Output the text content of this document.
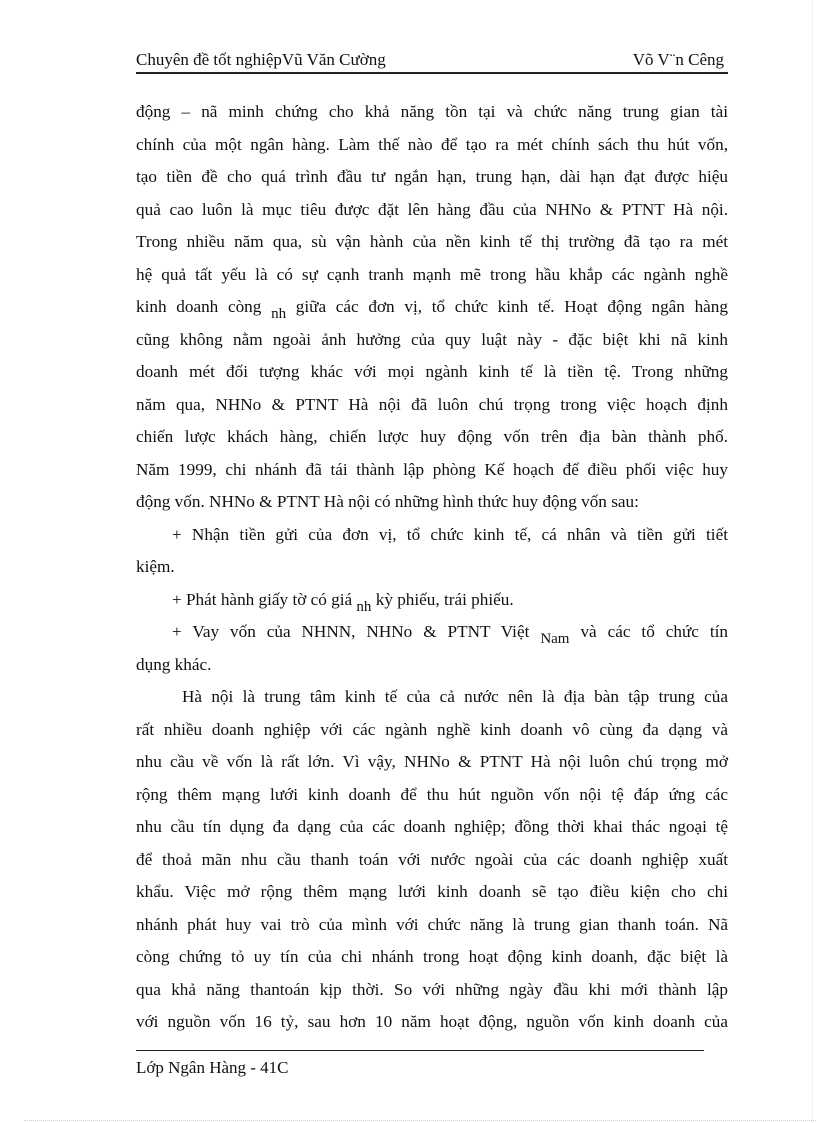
Chuyên đề tốt nghiệpVũ Văn Cường	Võ V¨n Cêng
động – nã minh chứng cho khả năng tồn tại và chức năng trung gian tài
chính của một ngân hàng. Làm thế nào để tạo ra mét chính sách thu hút vốn,
tạo tiền đề cho quá trình đầu tư ngắn hạn, trung hạn, dài hạn đạt được hiệu
quả cao luôn là mục tiêu được đặt lên hàng đầu của NHNo & PTNT Hà nội.
Trong nhiều năm qua, sù vận hành của nền kinh tế thị trường đã tạo ra mét
hệ quả tất yếu là có sự cạnh tranh mạnh mẽ trong hầu khắp các ngành nghề
kinh doanh còng nh giữa các đơn vị, tổ chức kinh tế. Hoạt động ngân hàng
cũng không nằm ngoài ảnh hưởng của quy luật này - đặc biệt khi nã kinh
doanh mét đối tượng khác với mọi ngành kinh tế là tiền tệ. Trong những
năm qua, NHNo & PTNT Hà nội đã luôn chú trọng trong việc hoạch định
chiến lược khách hàng, chiến lược huy động vốn trên địa bàn thành phố.
Năm 1999, chi nhánh đã tái thành lập phòng Kế hoạch để điều phối việc huy
động vốn. NHNo & PTNT Hà nội có những hình thức huy động vốn sau:
+ Nhận tiền gửi của đơn vị, tổ chức kinh tế, cá nhân và tiền gửi tiết
kiệm.
+ Phát hành giấy tờ có giá nh kỳ phiếu, trái phiếu.
+ Vay vốn của NHNN, NHNo & PTNT Việt Nam và các tổ chức tín
dụng khác.
Hà nội là trung tâm kinh tế của cả nước nên là địa bàn tập trung của
rất nhiều doanh nghiệp với các ngành nghề kinh doanh vô cùng đa dạng và
nhu cầu về vốn là rất lớn. Vì vậy, NHNo & PTNT Hà nội luôn chú trọng mở
rộng thêm mạng lưới kinh doanh để thu hút nguồn vốn nội tệ đáp ứng các
nhu cầu tín dụng đa dạng của các doanh nghiệp; đồng thời khai thác ngoại tệ
để thoả mãn nhu cầu thanh toán với nước ngoài của các doanh nghiệp xuất
khẩu. Việc mở rộng thêm mạng lưới kinh doanh sẽ tạo điều kiện cho chi
nhánh phát huy vai trò của mình với chức năng là trung gian thanh toán. Nã
còng chứng tỏ uy tín của chi nhánh trong hoạt động kinh doanh, đặc biệt là
qua khả năng thantoán kịp thời. So với những ngày đầu khi mới thành lập
với nguồn vốn 16 tỷ, sau hơn 10 năm hoạt động, nguồn vốn kinh doanh của
Lớp Ngân Hàng - 41C
